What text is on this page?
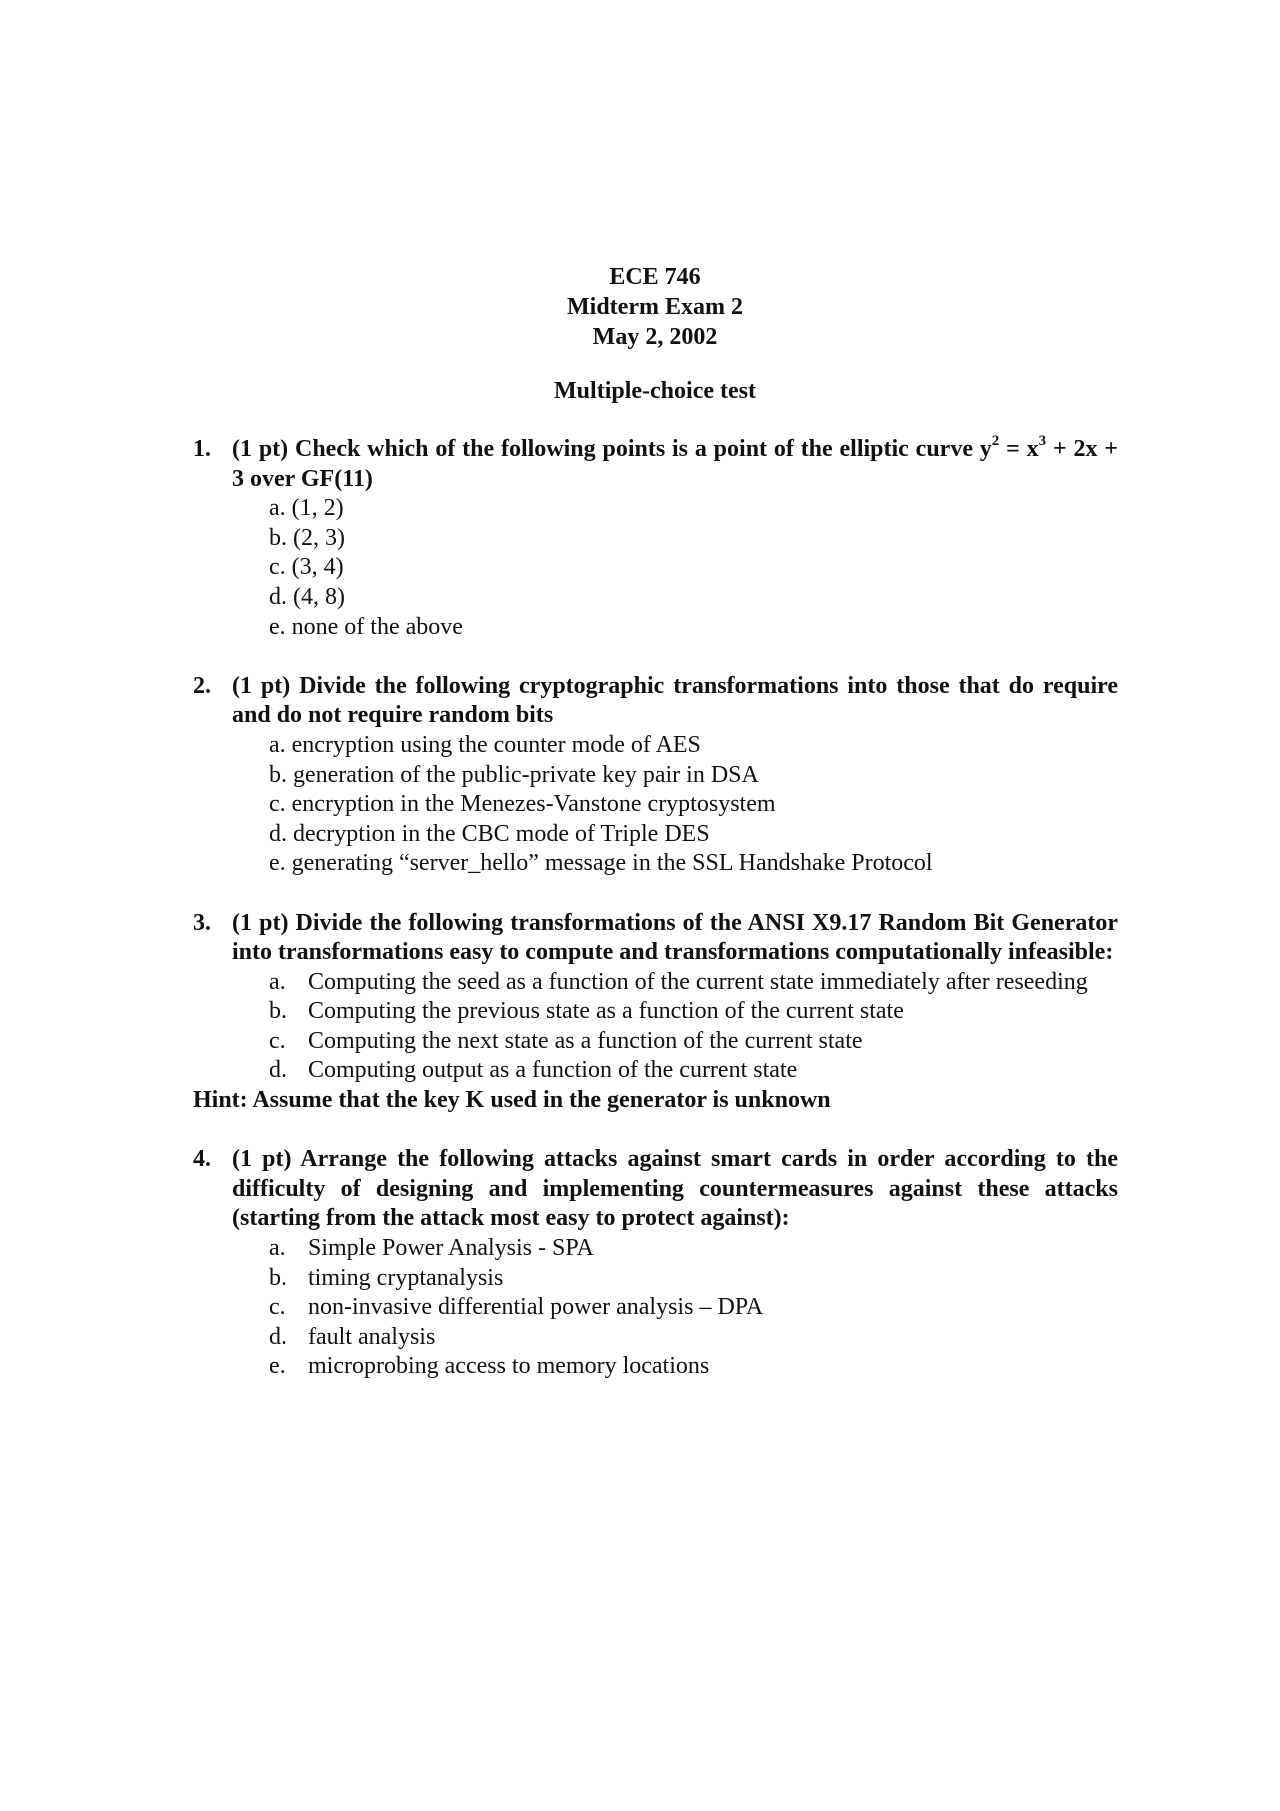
ECE 746
Midterm Exam 2
May 2, 2002
Multiple-choice test
1. (1 pt) Check which of the following points is a point of the elliptic curve $y^2 = x^3 + 2x + 3$ over GF(11)
a. (1, 2)
b. (2, 3)
c. (3, 4)
d. (4, 8)
e. none of the above
2. (1 pt) Divide the following cryptographic transformations into those that do require and do not require random bits
a. encryption using the counter mode of AES
b. generation of the public-private key pair in DSA
c. encryption in the Menezes-Vanstone cryptosystem
d. decryption in the CBC mode of Triple DES
e. generating “server_hello” message in the SSL Handshake Protocol
3. (1 pt) Divide the following transformations of the ANSI X9.17 Random Bit Generator into transformations easy to compute and transformations computationally infeasible:
a. Computing the seed as a function of the current state immediately after reseeding
b. Computing the previous state as a function of the current state
c. Computing the next state as a function of the current state
d. Computing output as a function of the current state
Hint: Assume that the key K used in the generator is unknown
4. (1 pt) Arrange the following attacks against smart cards in order according to the difficulty of designing and implementing countermeasures against these attacks (starting from the attack most easy to protect against):
a. Simple Power Analysis - SPA
b. timing cryptanalysis
c. non-invasive differential power analysis – DPA
d. fault analysis
e. microprobing access to memory locations
